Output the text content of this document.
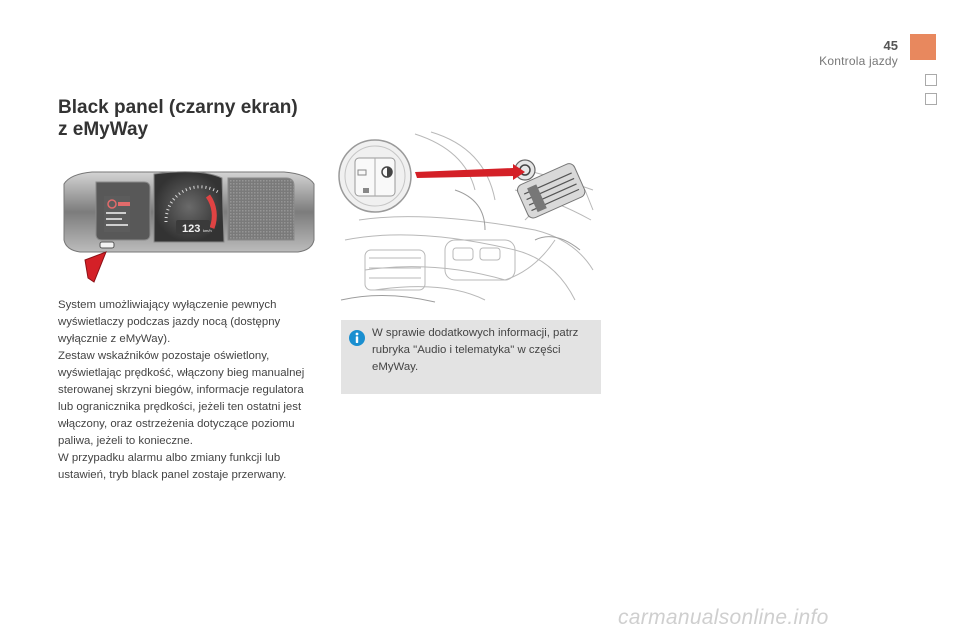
45
Kontrola jazdy
Black panel (czarny ekran)
z eMyWay
123 km/h
System umożliwiający wyłączenie pewnych wyświetlaczy podczas jazdy nocą (dostępny wyłącznie z eMyWay).
Zestaw wskaźników pozostaje oświetlony, wyświetlając prędkość, włączony bieg manualnej sterowanej skrzyni biegów, informacje regulatora lub ogranicznika prędkości, jeżeli ten ostatni jest włączony, oraz ostrzeżenia dotyczące poziomu paliwa, jeżeli to konieczne.
W przypadku alarmu albo zmiany funkcji lub ustawień, tryb black panel zostaje przerwany.

W sprawie dodatkowych informacji, patrz rubryka "Audio i telematyka" w części eMyWay.

carmanualsonline.info
